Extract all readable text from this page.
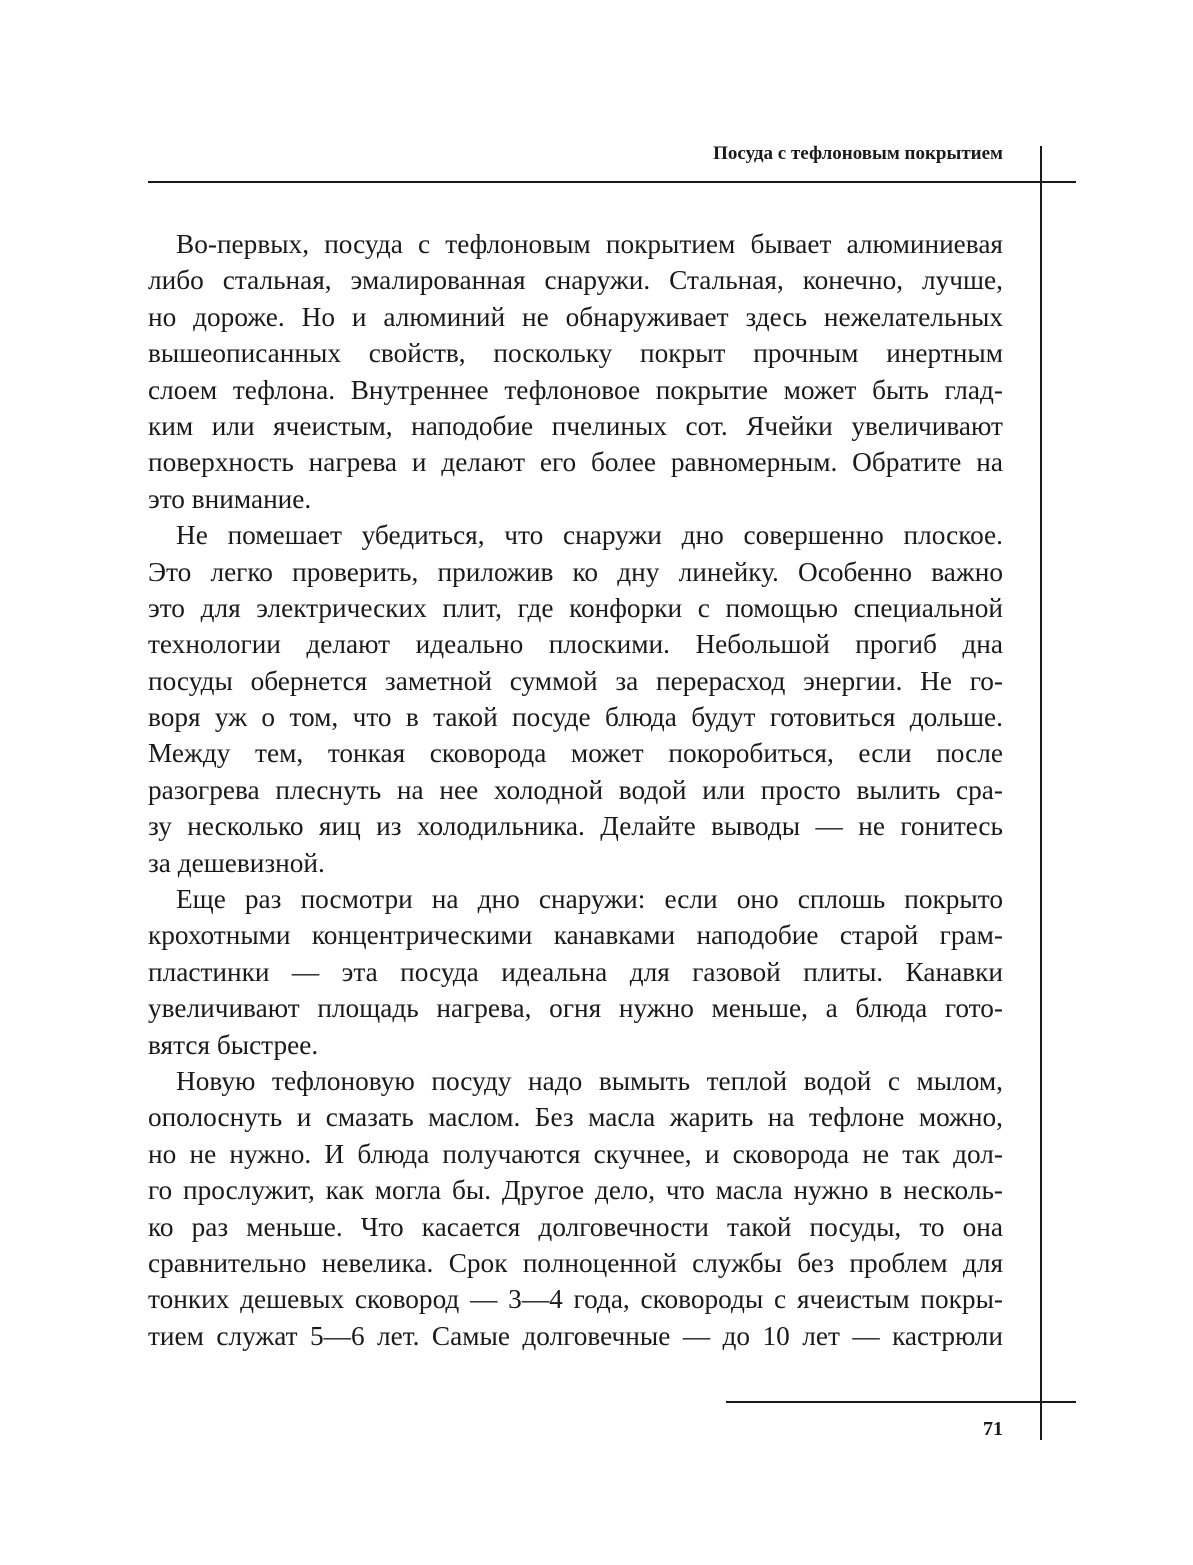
Посуда с тефлоновым покрытием
Во-первых, посуда с тефлоновым покрытием бывает алюминиевая
либо стальная, эмалированная снаружи. Стальная, конечно, лучше,
но дороже. Но и алюминий не обнаруживает здесь нежелательных
вышеописанных свойств, поскольку покрыт прочным инертным
слоем тефлона. Внутреннее тефлоновое покрытие может быть глад-
ким или ячеистым, наподобие пчелиных сот. Ячейки увеличивают
поверхность нагрева и делают его более равномерным. Обратите на
это внимание.
Не помешает убедиться, что снаружи дно совершенно плоское.
Это легко проверить, приложив ко дну линейку. Особенно важно
это для электрических плит, где конфорки с помощью специальной
технологии делают идеально плоскими. Небольшой прогиб дна
посуды обернется заметной суммой за перерасход энергии. Не го-
воря уж о том, что в такой посуде блюда будут готовиться дольше.
Между тем, тонкая сковорода может покоробиться, если после
разогрева плеснуть на нее холодной водой или просто вылить сра-
зу несколько яиц из холодильника. Делайте выводы — не гонитесь
за дешевизной.
Еще раз посмотри на дно снаружи: если оно сплошь покрыто
крохотными концентрическими канавками наподобие старой грам-
пластинки — эта посуда идеальна для газовой плиты. Канавки
увеличивают площадь нагрева, огня нужно меньше, а блюда гото-
вятся быстрее.
Новую тефлоновую посуду надо вымыть теплой водой с мылом,
ополоснуть и смазать маслом. Без масла жарить на тефлоне можно,
но не нужно. И блюда получаются скучнее, и сковорода не так дол-
го прослужит, как могла бы. Другое дело, что масла нужно в несколь-
ко раз меньше. Что касается долговечности такой посуды, то она
сравнительно невелика. Срок полноценной службы без проблем для
тонких дешевых сковород — 3—4 года, сковороды с ячеистым покры-
тием служат 5—6 лет. Самые долговечные — до 10 лет — кастрюли
71
